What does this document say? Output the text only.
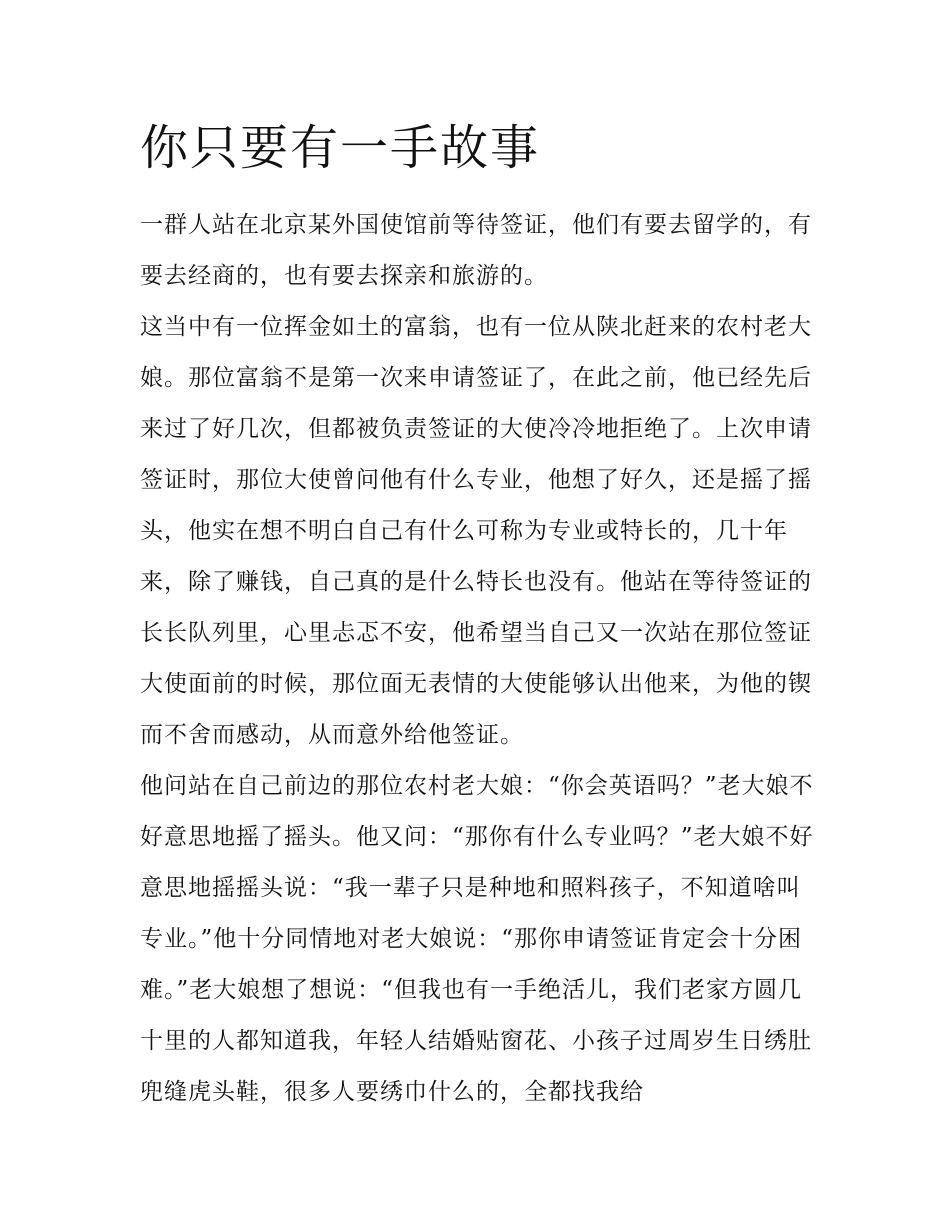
你只要有一手故事

一群人站在北京某外国使馆前等待签证，他们有要去留学的，有要去经商的，也有要去探亲和旅游的。

这当中有一位挥金如土的富翁，也有一位从陕北赶来的农村老大娘。那位富翁不是第一次来申请签证了，在此之前，他已经先后来过了好几次，但都被负责签证的大使冷冷地拒绝了。上次申请签证时，那位大使曾问他有什么专业，他想了好久，还是摇了摇头，他实在想不明白自己有什么可称为专业或特长的，几十年来，除了赚钱，自己真的是什么特长也没有。他站在等待签证的长长队列里，心里忐忑不安，他希望当自己又一次站在那位签证大使面前的时候，那位面无表情的大使能够认出他来，为他的锲而不舍而感动，从而意外给他签证。

他问站在自己前边的那位农村老大娘：“你会英语吗？”老大娘不好意思地摇了摇头。他又问：“那你有什么专业吗？”老大娘不好意思地摇摇头说：“我一辈子只是种地和照料孩子，不知道啥叫专业。”他十分同情地对老大娘说：“那你申请签证肯定会十分困难。”老大娘想了想说：“但我也有一手绝活儿，我们老家方圆几十里的人都知道我，年轻人结婚贴窗花、小孩子过周岁生日绣肚兜缝虎头鞋，很多人要绣巾什么的，全都找我给
